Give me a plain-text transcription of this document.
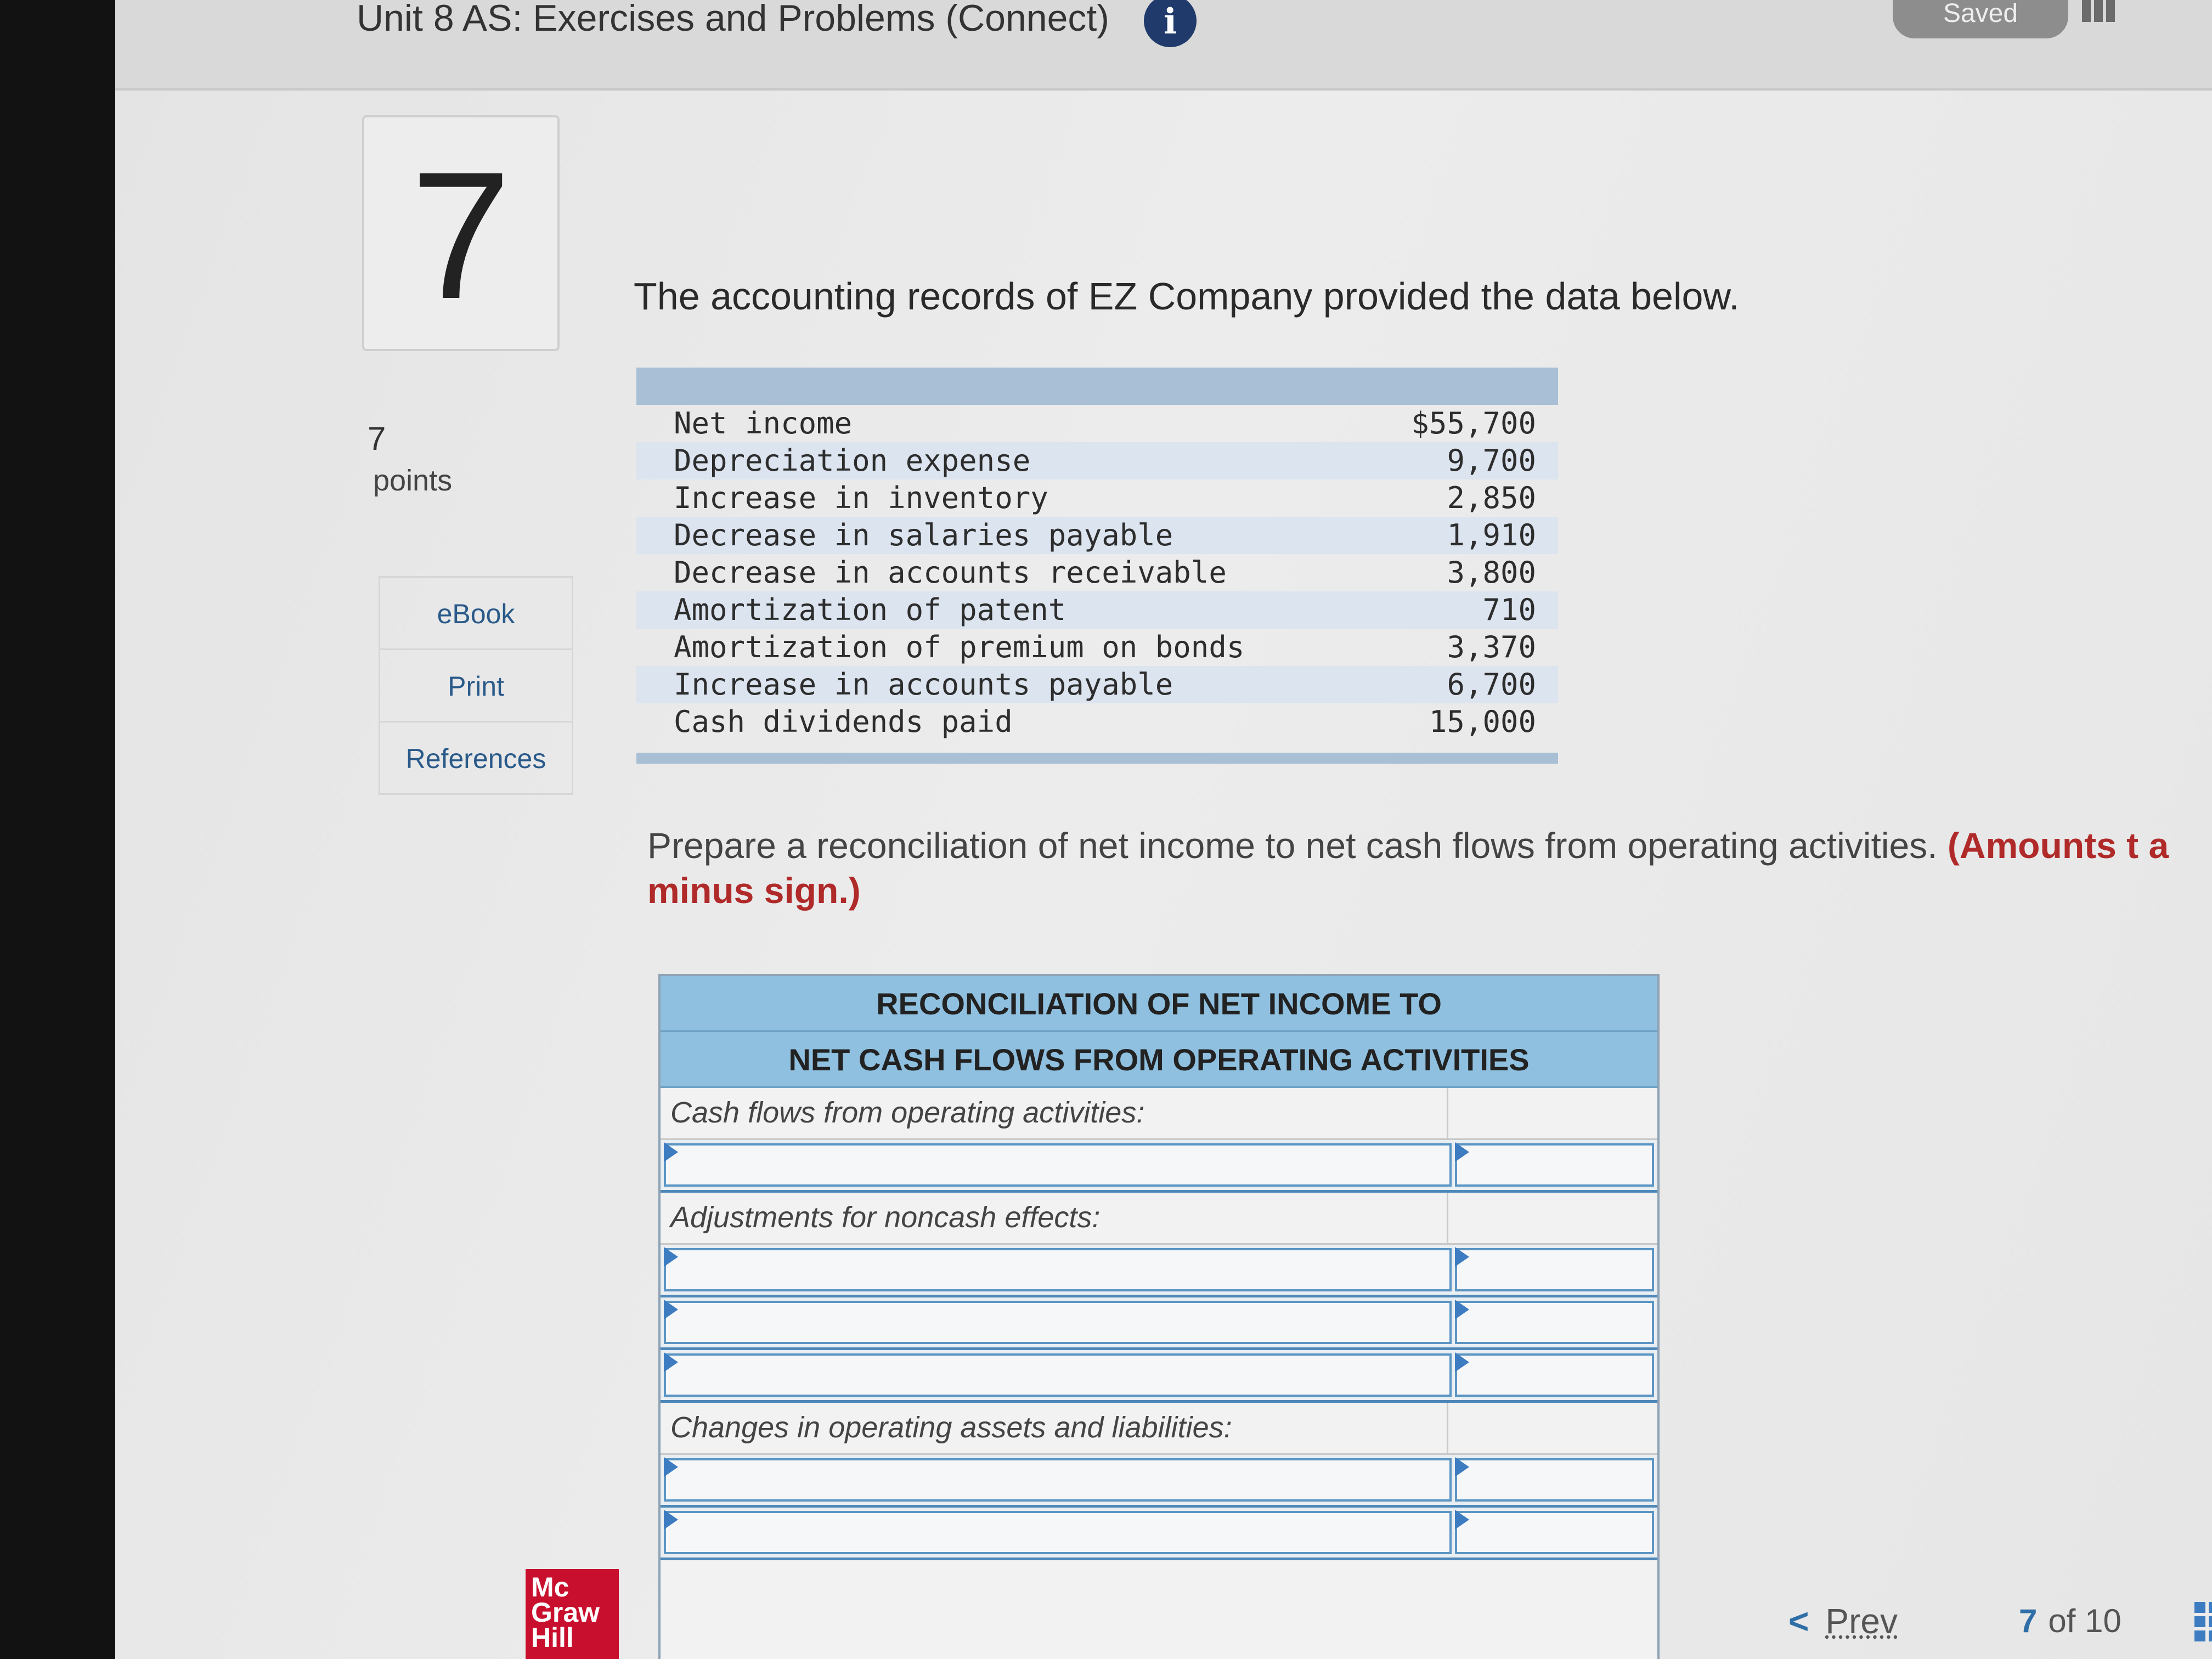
Unit 8 AS: Exercises and Problems (Connect)	i	Saved
7
7
points
eBook
Print
References
The accounting records of EZ Company provided the data below.
Net income	$55,700
Depreciation expense	9,700
Increase in inventory	2,850
Decrease in salaries payable	1,910
Decrease in accounts receivable	3,800
Amortization of patent	710
Amortization of premium on bonds	3,370
Increase in accounts payable	6,700
Cash dividends paid	15,000
Prepare a reconciliation of net income to net cash flows from operating activities. (Amounts t a minus sign.)
RECONCILIATION OF NET INCOME TO
NET CASH FLOWS FROM OPERATING ACTIVITIES
Cash flows from operating activities:
Adjustments for noncash effects:
Changes in operating assets and liabilities:
Mc
Graw
Hill	< Prev	7 of 10
